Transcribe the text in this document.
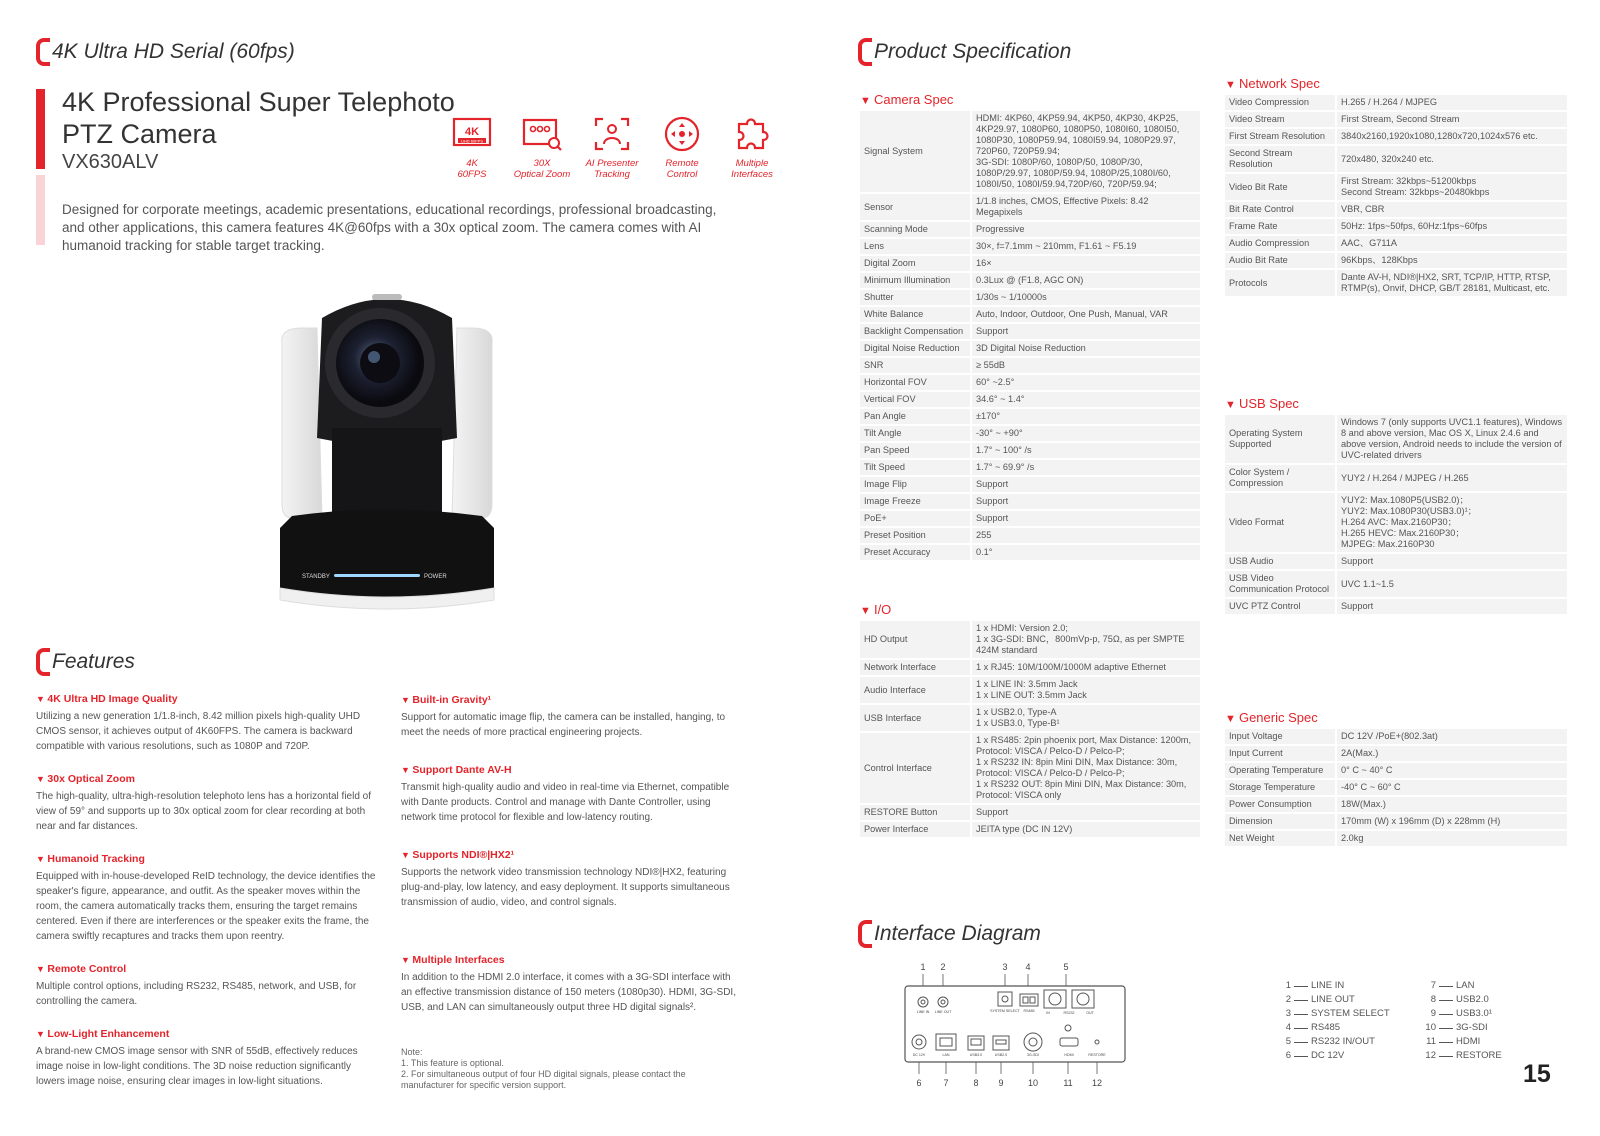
4K Ultra HD Serial (60fps)
4K Professional Super Telephoto PTZ Camera
VX630ALV
4K
UHD 60FPS
4K
60FPS
30X
Optical Zoom
AI Presenter
Tracking
Remote
Control
Multiple
Interfaces
Designed for corporate meetings, academic presentations, educational recordings, professional broadcasting, and other applications, this camera features 4K@60fps with a 30x optical zoom. The camera comes with AI humanoid tracking for stable target tracking.
STANDBY	POWER
Features
▼ 4K Ultra HD Image Quality
Utilizing a new generation 1/1.8-inch, 8.42 million pixels high-quality UHD CMOS sensor, it achieves output of 4K60FPS. The camera is backward compatible with various resolutions, such as 1080P and 720P.
▼ 30x Optical Zoom
The high-quality, ultra-high-resolution telephoto lens has a horizontal field of view of 59° and supports up to 30x optical zoom for clear recording at both near and far distances.
▼ Humanoid Tracking
Equipped with in-house-developed ReID technology, the device identifies the speaker's figure, appearance, and outfit. As the speaker moves within the room, the camera automatically tracks them, ensuring the target remains centered. Even if there are interferences or the speaker exits the frame, the camera swiftly recaptures and tracks them upon reentry.
▼ Remote Control
Multiple control options, including RS232, RS485, network, and USB, for controlling the camera.
▼ Low-Light Enhancement
A brand-new CMOS image sensor with SNR of 55dB, effectively reduces image noise in low-light conditions. The 3D noise reduction significantly lowers image noise, ensuring clear images in low-light situations.
▼ Built-in Gravity¹
Support for automatic image flip, the camera can be installed, hanging, to meet the needs of more practical engineering projects.
▼ Support Dante AV-H
Transmit high-quality audio and video in real-time via Ethernet, compatible with Dante products. Control and manage with Dante Controller, using network time protocol for flexible and low-latency routing.
▼ Supports NDI®|HX2¹
Supports the network video transmission technology NDI®|HX2, featuring plug-and-play, low latency, and easy deployment. It supports simultaneous transmission of audio, video, and control signals.
▼ Multiple Interfaces
In addition to the HDMI 2.0 interface, it comes with a 3G-SDI interface with an effective transmission distance of 150 meters (1080p30). HDMI, 3G-SDI, USB, and LAN can simultaneously output three HD digital signals².
Note:
1. This feature is optional.
2. For simultaneous output of four HD digital signals, please contact the manufacturer for specific version support.
Product Specification
▼ Camera Spec
Signal System	HDMI: 4KP60, 4KP59.94, 4KP50, 4KP30, 4KP25, 4KP29.97, 1080P60, 1080P50, 1080I60, 1080I50, 1080P30, 1080P59.94, 1080I59.94, 1080P29.97, 720P60, 720P59.94;
3G-SDI: 1080P/60, 1080P/50, 1080P/30, 1080P/29.97, 1080P/59.94, 1080P/25,1080I/60, 1080I/50, 1080I/59.94,720P/60, 720P/59.94;
Sensor	1/1.8 inches, CMOS, Effective Pixels: 8.42 Megapixels
Scanning Mode	Progressive
Lens	30×, f=7.1mm ~ 210mm, F1.61 ~ F5.19
Digital Zoom	16×
Minimum Illumination	0.3Lux @ (F1.8, AGC ON)
Shutter	1/30s ~ 1/10000s
White Balance	Auto, Indoor, Outdoor, One Push, Manual, VAR
Backlight Compensation	Support
Digital Noise Reduction	3D Digital Noise Reduction
SNR	≥ 55dB
Horizontal FOV	60° ~2.5°
Vertical FOV	34.6° ~ 1.4°
Pan Angle	±170°
Tilt Angle	-30° ~ +90°
Pan Speed	1.7° ~ 100° /s
Tilt Speed	1.7° ~ 69.9° /s
Image Flip	Support
Image Freeze	Support
PoE+	Support
Preset Position	255
Preset Accuracy	0.1°
▼ I/O
HD Output	1 x HDMI: Version 2.0;
1 x 3G-SDI: BNC，800mVp-p, 75Ω, as per SMPTE 424M standard
Network Interface	1 x RJ45: 10M/100M/1000M adaptive Ethernet
Audio Interface	1 x LINE IN: 3.5mm Jack
1 x LINE OUT: 3.5mm Jack
USB Interface	1 x USB2.0, Type-A
1 x USB3.0, Type-B¹
Control Interface	1 x RS485: 2pin phoenix port, Max Distance: 1200m, Protocol: VISCA / Pelco-D / Pelco-P;
1 x RS232 IN: 8pin Mini DIN, Max Distance: 30m, Protocol: VISCA / Pelco-D / Pelco-P;
1 x RS232 OUT: 8pin Mini DIN, Max Distance: 30m, Protocol: VISCA only
RESTORE Button	Support
Power Interface	JEITA type (DC IN 12V)
▼ Network Spec
Video Compression	H.265 / H.264 / MJPEG
Video Stream	First Stream, Second Stream
First Stream Resolution	3840x2160,1920x1080,1280x720,1024x576 etc.
Second Stream Resolution	720x480, 320x240 etc.
Video Bit Rate	First Stream: 32kbps~51200kbps
Second Stream: 32kbps~20480kbps
Bit Rate Control	VBR, CBR
Frame Rate	50Hz: 1fps~50fps, 60Hz:1fps~60fps
Audio Compression	AAC、G711A
Audio Bit Rate	96Kbps、128Kbps
Protocols	Dante AV-H, NDI®|HX2, SRT, TCP/IP, HTTP, RTSP, RTMP(s), Onvif, DHCP, GB/T 28181, Multicast, etc.
▼ USB Spec
Operating System Supported	Windows 7 (only supports UVC1.1 features), Windows 8 and above version, Mac OS X, Linux 2.4.6 and above version, Android needs to include the version of UVC-related drivers
Color System / Compression	YUY2 / H.264 / MJPEG / H.265
Video Format	YUY2: Max.1080P5(USB2.0)；
YUY2: Max.1080P30(USB3.0)¹；
H.264 AVC: Max.2160P30；
H.265 HEVC: Max.2160P30；
MJPEG: Max.2160P30
USB Audio	Support
USB Video Communication Protocol	UVC 1.1~1.5
UVC PTZ Control	Support
▼ Generic Spec
Input Voltage	DC 12V /PoE+(802.3at)
Input Current	2A(Max.)
Operating Temperature	0° C ~ 40° C
Storage Temperature	-40° C ~ 60° C
Power Consumption	18W(Max.)
Dimension	170mm (W) x 196mm (D) x 228mm (H)
Net Weight	2.0kg
Interface Diagram
1 2	3 4	5
6 7	8 9	10	11 12
LINE IN LINE OUT	SYSTEM SELECT RS485	IN	RS232	OUT
DC 12V	LAN	USB3.0	USB2.0	3G-SDI	HDMI	RESTORE
1 LINE IN
2 LINE OUT
3 SYSTEM SELECT
4 RS485
5 RS232 IN/OUT
6 DC 12V
7 LAN
8 USB2.0
9 USB3.0¹
10 3G-SDI
11 HDMI
12 RESTORE
15
